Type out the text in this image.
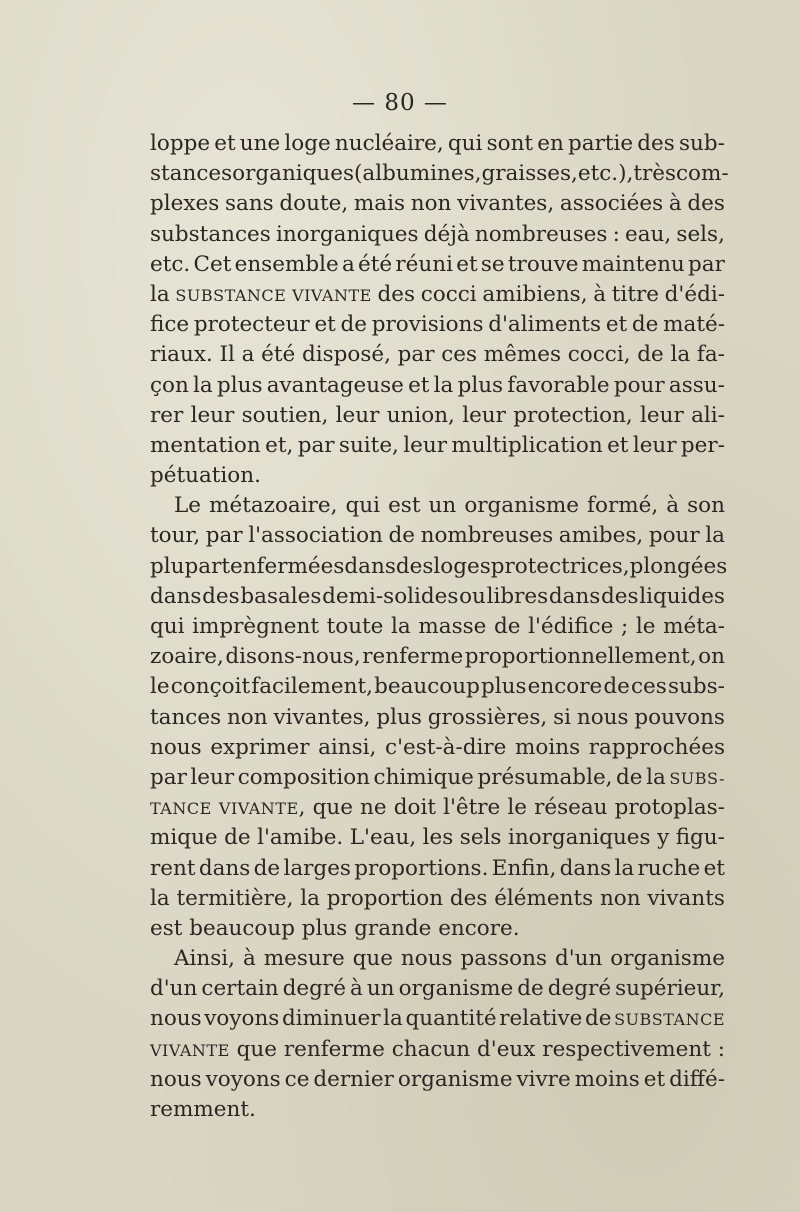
— 80 —
loppe et une loge nucléaire, qui sont en partie des sub-
stances organiques (albumines, graisses, etc.), très com-
plexes sans doute, mais non vivantes, associées à des
substances inorganiques déjà nombreuses : eau, sels,
etc. Cet ensemble a été réuni et se trouve maintenu par
la SUBSTANCE VIVANTE des cocci amibiens, à titre d'édi-
fice protecteur et de provisions d'aliments et de maté-
riaux. Il a été disposé, par ces mêmes cocci, de la fa-
çon la plus avantageuse et la plus favorable pour assu-
rer leur soutien, leur union, leur protection, leur ali-
mentation et, par suite, leur multiplication et leur per-
pétuation.
Le métazoaire, qui est un organisme formé, à son
tour, par l'association de nombreuses amibes, pour la
plupart enfermées dans des loges protectrices, plongées
dans des basales demi-solides ou libres dans des liquides
qui imprègnent toute la masse de l'édifice ; le méta-
zoaire, disons-nous, renferme proportionnellement, on
le conçoit facilement, beaucoup plus encore de ces subs-
tances non vivantes, plus grossières, si nous pouvons
nous exprimer ainsi, c'est-à-dire moins rapprochées
par leur composition chimique présumable, de la SUBS-
TANCE VIVANTE, que ne doit l'être le réseau protoplas-
mique de l'amibe. L'eau, les sels inorganiques y figu-
rent dans de larges proportions. Enfin, dans la ruche et
la termitière, la proportion des éléments non vivants
est beaucoup plus grande encore.
Ainsi, à mesure que nous passons d'un organisme
d'un certain degré à un organisme de degré supérieur,
nous voyons diminuer la quantité relative de SUBSTANCE
VIVANTE que renferme chacun d'eux respectivement :
nous voyons ce dernier organisme vivre moins et diffé-
remment.
